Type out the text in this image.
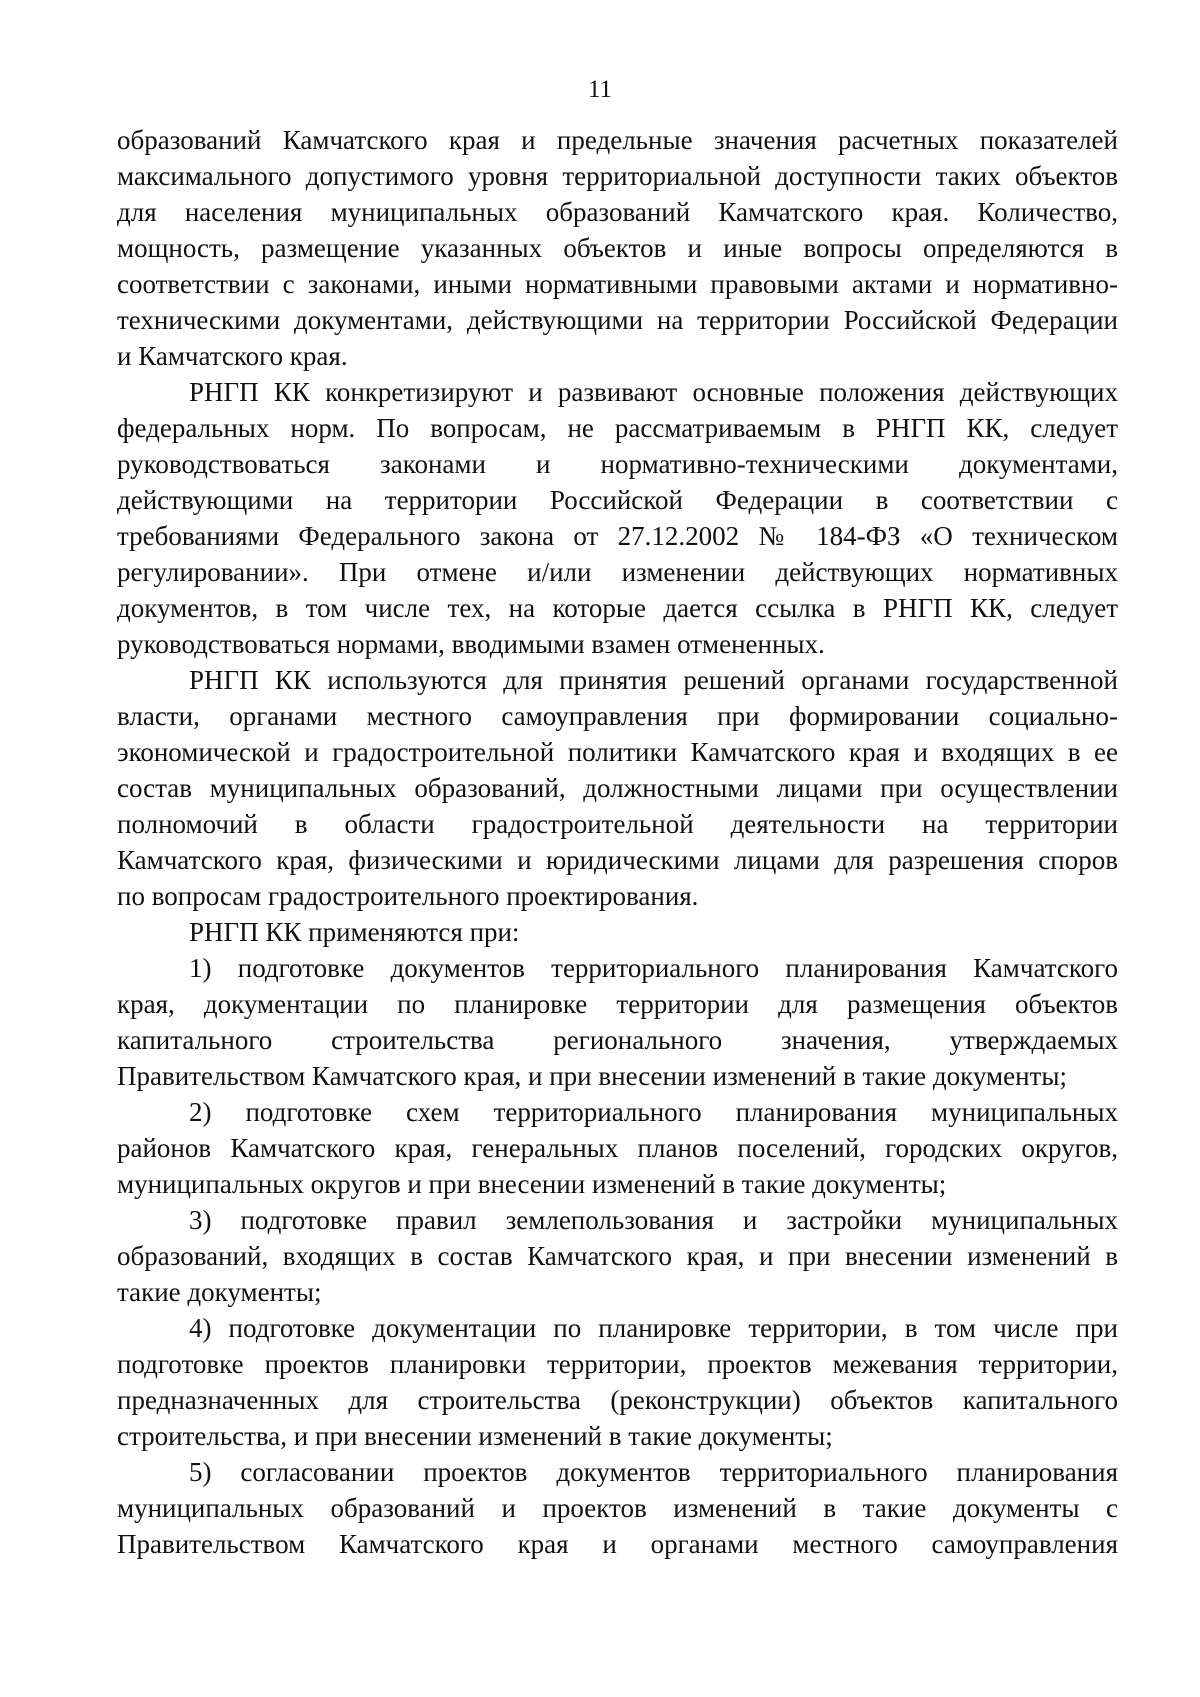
11
образований Камчатского края и предельные значения расчетных показателей
максимального допустимого уровня территориальной доступности таких объектов
для населения муниципальных образований Камчатского края. Количество,
мощность, размещение указанных объектов и иные вопросы определяются в
соответствии с законами, иными нормативными правовыми актами и нормативно-
техническими документами, действующими на территории Российской Федерации
и Камчатского края.
РНГП КК конкретизируют и развивают основные положения действующих
федеральных норм. По вопросам, не рассматриваемым в РНГП КК, следует
руководствоваться законами и нормативно-техническими документами,
действующими на территории Российской Федерации в соответствии с
требованиями Федерального закона от 27.12.2002 № 184-ФЗ «О техническом
регулировании». При отмене и/или изменении действующих нормативных
документов, в том числе тех, на которые дается ссылка в РНГП КК, следует
руководствоваться нормами, вводимыми взамен отмененных.
РНГП КК используются для принятия решений органами государственной
власти, органами местного самоуправления при формировании социально-
экономической и градостроительной политики Камчатского края и входящих в ее
состав муниципальных образований, должностными лицами при осуществлении
полномочий в области градостроительной деятельности на территории
Камчатского края, физическими и юридическими лицами для разрешения споров
по вопросам градостроительного проектирования.
РНГП КК применяются при:
1) подготовке документов территориального планирования Камчатского
края, документации по планировке территории для размещения объектов
капитального строительства регионального значения, утверждаемых
Правительством Камчатского края, и при внесении изменений в такие документы;
2) подготовке схем территориального планирования муниципальных
районов Камчатского края, генеральных планов поселений, городских округов,
муниципальных округов и при внесении изменений в такие документы;
3) подготовке правил землепользования и застройки муниципальных
образований, входящих в состав Камчатского края, и при внесении изменений в
такие документы;
4) подготовке документации по планировке территории, в том числе при
подготовке проектов планировки территории, проектов межевания территории,
предназначенных для строительства (реконструкции) объектов капитального
строительства, и при внесении изменений в такие документы;
5) согласовании проектов документов территориального планирования
муниципальных образований и проектов изменений в такие документы с
Правительством Камчатского края и органами местного самоуправления
